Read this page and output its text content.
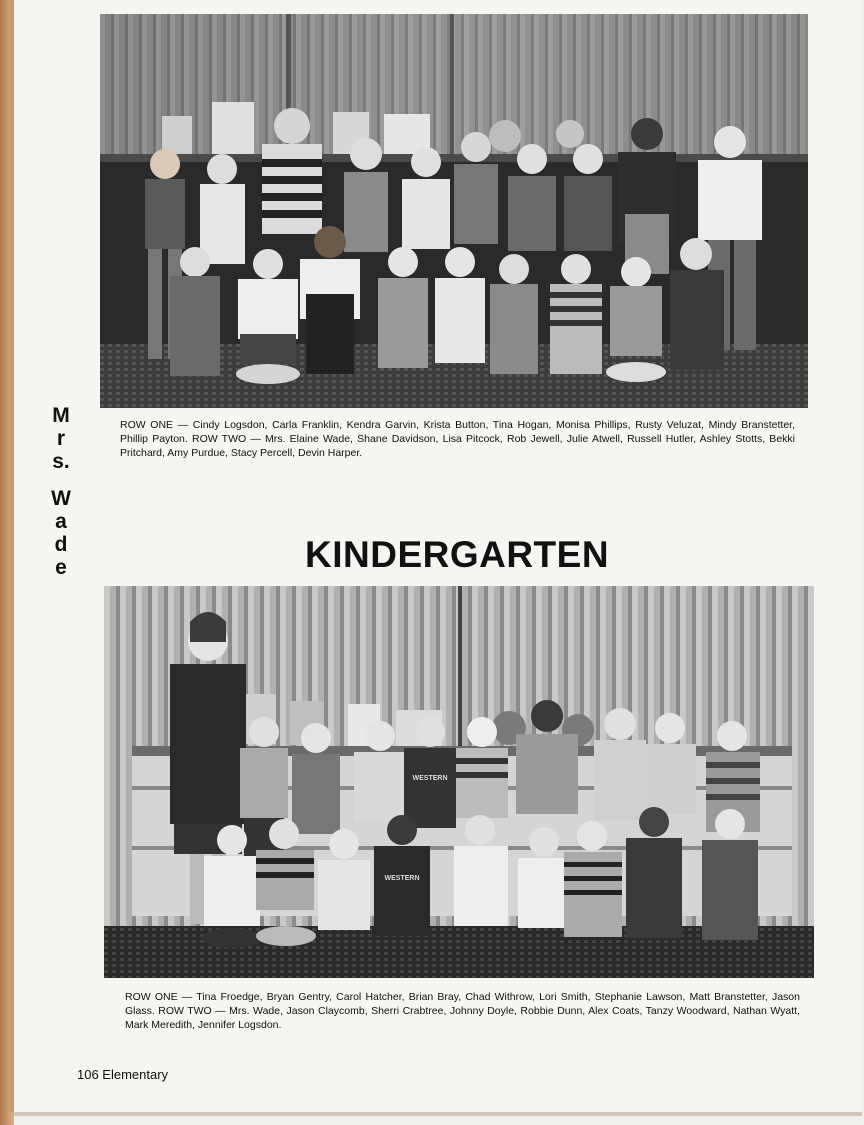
ROW ONE — Cindy Logsdon, Carla Franklin, Kendra Garvin, Krista Button, Tina Hogan, Monisa Phillips, Rusty Veluzat, Mindy Branstetter, Phillip Payton. ROW TWO — Mrs. Elaine Wade, Shane Davidson, Lisa Pitcock, Rob Jewell, Julie Atwell, Russell Hutler, Ashley Stotts, Bekki Pritchard, Amy Purdue, Stacy Percell, Devin Harper.
M
r
s.
W
a
d
e	KINDERGARTEN
WESTERN
WESTERN
ROW ONE — Tina Froedge, Bryan Gentry, Carol Hatcher, Brian Bray, Chad Withrow, Lori Smith, Stephanie Lawson, Matt Branstetter, Jason Glass. ROW TWO — Mrs. Wade, Jason Claycomb, Sherri Crabtree, Johnny Doyle, Robbie Dunn, Alex Coats, Tanzy Woodward, Nathan Wyatt, Mark Meredith, Jennifer Logsdon.
106 Elementary
